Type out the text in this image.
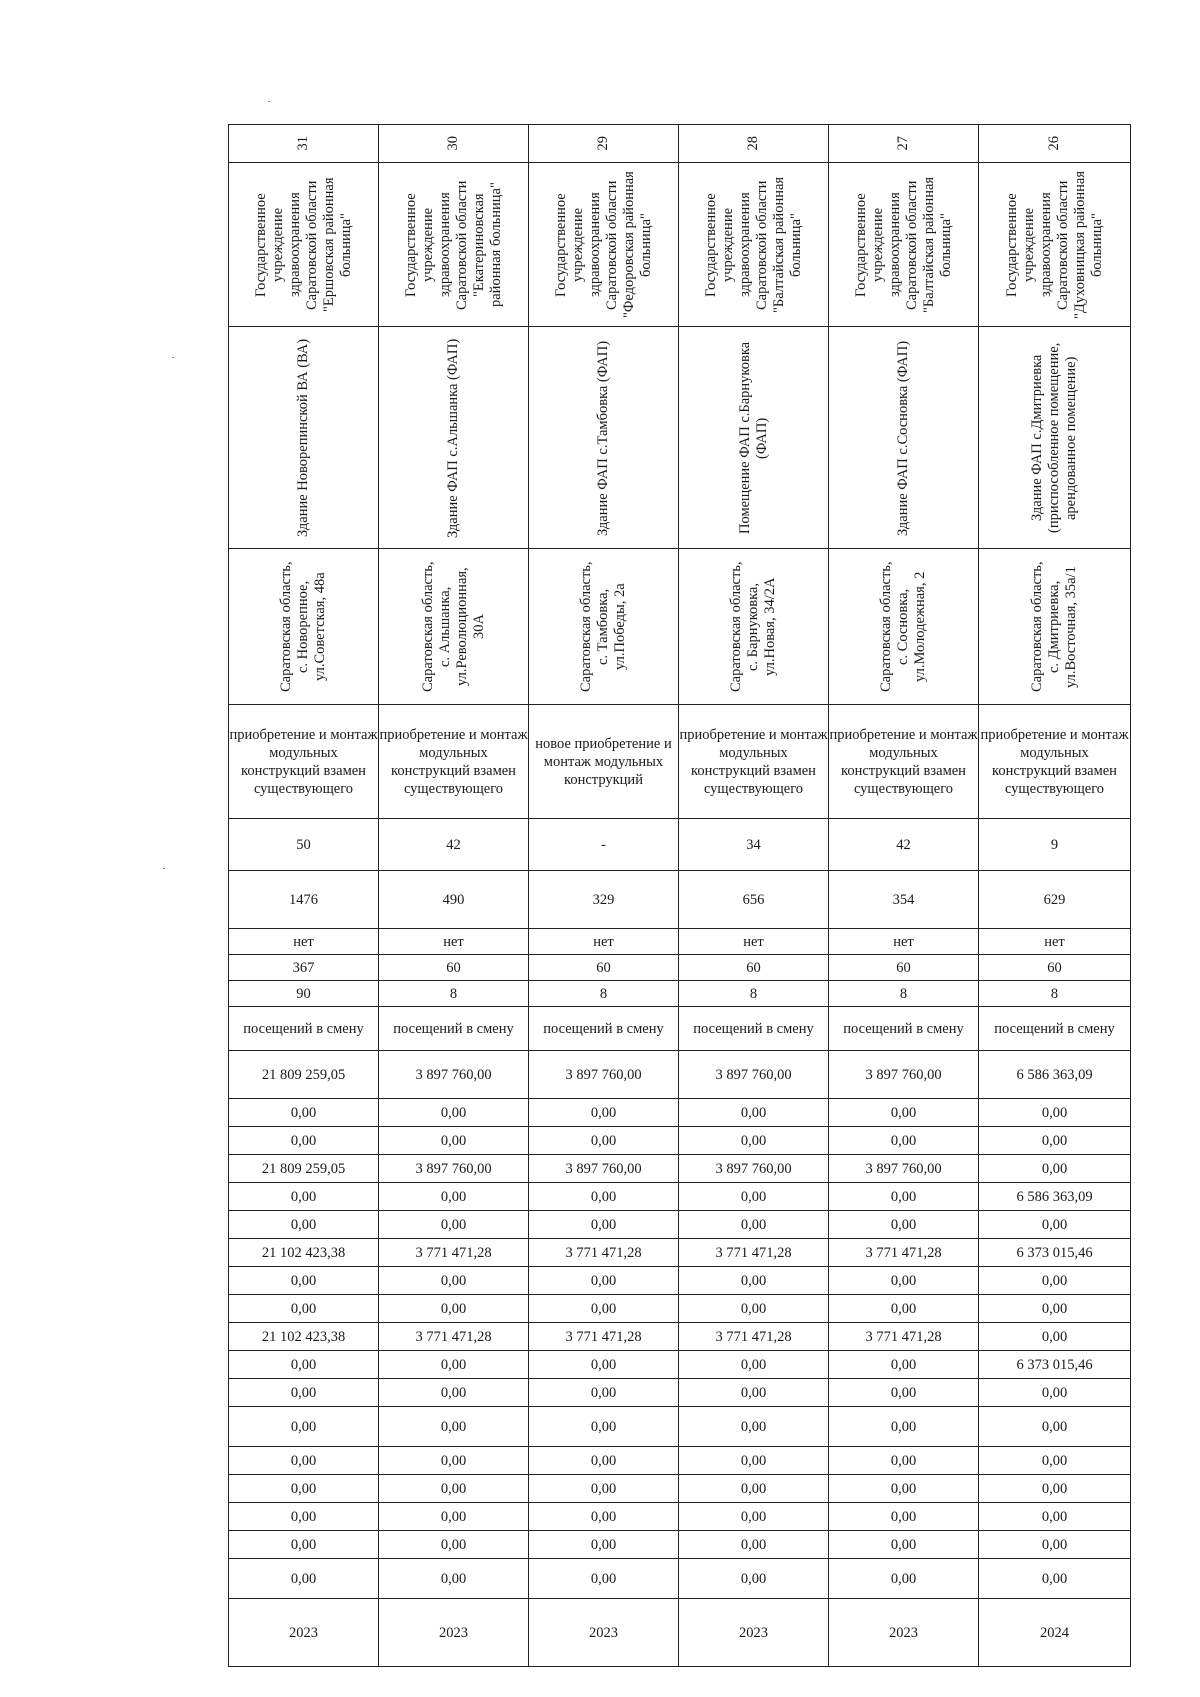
31	30	29	28	27	26

Государственное учреждение здравоохранения Саратовской области "Ершовская районная больница"	Государственное учреждение здравоохранения Саратовской области "Екатериновская районная больница"	Государственное учреждение здравоохранения Саратовской области "Федоровская районная больница"	Государственное учреждение здравоохранения Саратовской области "Балтайская районная больница"	Государственное учреждение здравоохранения Саратовской области "Балтайская районная больница"	Государственное учреждение здравоохранения Саратовской области "Духовницкая районная больница"

Здание Новорепинской ВА (ВА)	Здание ФАП с.Альшанка (ФАП)	Здание ФАП с.Тамбовка (ФАП)	Помещение ФАП с.Барнуковка (ФАП)	Здание ФАП с.Сосновка (ФАП)	Здание ФАП с.Дмитриевка (приспособленное помещение, арендованное помещение)

Саратовская область, с. Новорепное, ул.Советская, 48а	Саратовская область, с. Альшанка, ул.Революционная, 30А	Саратовская область, с. Тамбовка, ул.Победы, 2а	Саратовская область, с. Барнуковка, ул.Новая, 34/2А	Саратовская область, с. Сосновка, ул.Молодежная, 2	Саратовская область, с. Дмитриевка, ул.Восточная, 35а/1

приобретение и монтаж модульных конструкций взамен существующего	приобретение и монтаж модульных конструкций взамен существующего	новое приобретение и монтаж модульных конструкций	приобретение и монтаж модульных конструкций взамен существующего	приобретение и монтаж модульных конструкций взамен существующего	приобретение и монтаж модульных конструкций взамен существующего
50	42	-	34	42	9
1476	490	329	656	354	629
нет	нет	нет	нет	нет	нет
367	60	60	60	60	60
90	8	8	8	8	8
посещений в смену	посещений в смену	посещений в смену	посещений в смену	посещений в смену	посещений в смену
21 809 259,05	3 897 760,00	3 897 760,00	3 897 760,00	3 897 760,00	6 586 363,09
0,00	0,00	0,00	0,00	0,00	0,00
0,00	0,00	0,00	0,00	0,00	0,00
21 809 259,05	3 897 760,00	3 897 760,00	3 897 760,00	3 897 760,00	0,00
0,00	0,00	0,00	0,00	0,00	6 586 363,09
0,00	0,00	0,00	0,00	0,00	0,00
21 102 423,38	3 771 471,28	3 771 471,28	3 771 471,28	3 771 471,28	6 373 015,46
0,00	0,00	0,00	0,00	0,00	0,00
0,00	0,00	0,00	0,00	0,00	0,00
21 102 423,38	3 771 471,28	3 771 471,28	3 771 471,28	3 771 471,28	0,00
0,00	0,00	0,00	0,00	0,00	6 373 015,46
0,00	0,00	0,00	0,00	0,00	0,00
0,00	0,00	0,00	0,00	0,00	0,00
0,00	0,00	0,00	0,00	0,00	0,00
0,00	0,00	0,00	0,00	0,00	0,00
0,00	0,00	0,00	0,00	0,00	0,00
0,00	0,00	0,00	0,00	0,00	0,00
0,00	0,00	0,00	0,00	0,00	0,00
2023	2023	2023	2023	2023	2024
